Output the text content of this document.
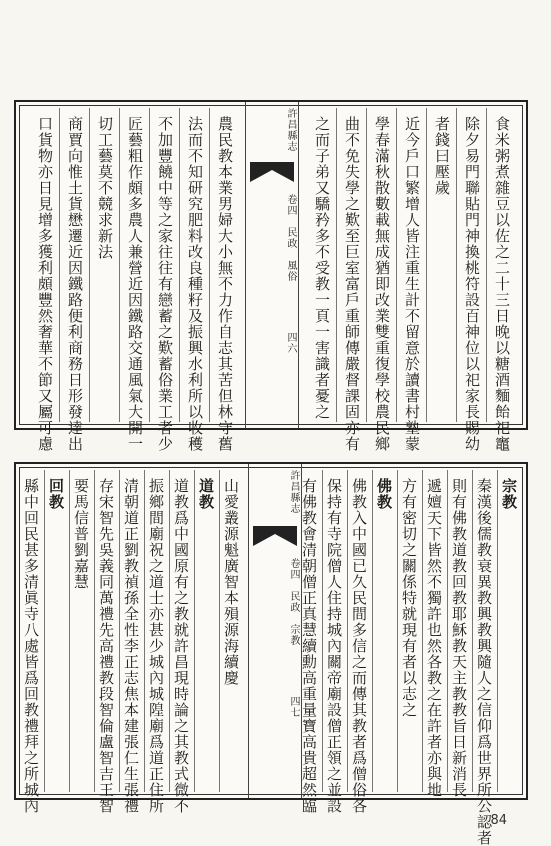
農民教本業男婦大小無不力作自志其苦但林守舊
法而不知研究肥料改良種籽及振興水利所以收穫
不加豐饒中等之家往往有戀蓄之歎蓄俗業工者少
匠藝粗作頗多農人兼營近因鐵路交通風氣大開一
切工藝莫不競求新法
商賈向惟土貨懋遷近因鐵路便利商務日形發達出
口貨物亦日見增多獲利頗豐然奢華不節又屬可慮	許昌縣志
卷四　民政　風俗
四六	食米粥煮雜豆以佐之二十三日晚以糖酒麵飴祀竈
除夕易門聯貼門神換桃符設百神位以祀家長賜幼
者錢曰壓歲
近今戶口繁增人皆注重生計不留意於讀書村塾蒙
學春滿秋散數載無成猶即改業雙重復學校農民鄉
曲不免失學之歎至巨室富戶重師傳嚴督課固亦有
之而子弟又驕矜多不受教一頁一害識者憂之
山愛叢源魁廣智本殞源海續慶
道教
道教爲中國原有之教就許昌現時論之其教式微不
振鄉間廟祝之道士亦甚少城內城隍廟爲道正住所
清朝道正劉教禎孫全性李正志焦本建張仁生張禮
存宋智先吳義同萬禮先高禮教段智倫盧智吉王智
要馬信普劉嘉慧
回教
縣中回民甚多清眞寺八處皆爲回教禮拜之所城內	許昌縣志
卷四　民政　宗教
四七
宗教
秦漢後儒教衰異教興教興隨人之信仰爲世界所公認者
則有佛教道教回教耶穌教天主教教旨日新消長
遞嬗天下皆然不獨許也然各教之在許者亦與地
方有密切之關係特就現有者以志之
佛教
佛教入中國已久民間多信之而傳其教者爲僧俗各
保持有寺院僧人住持城內關帝廟設僧正領之並設
有佛教會清朝僧正真慧續勳高重量寶高貴超然臨
84
